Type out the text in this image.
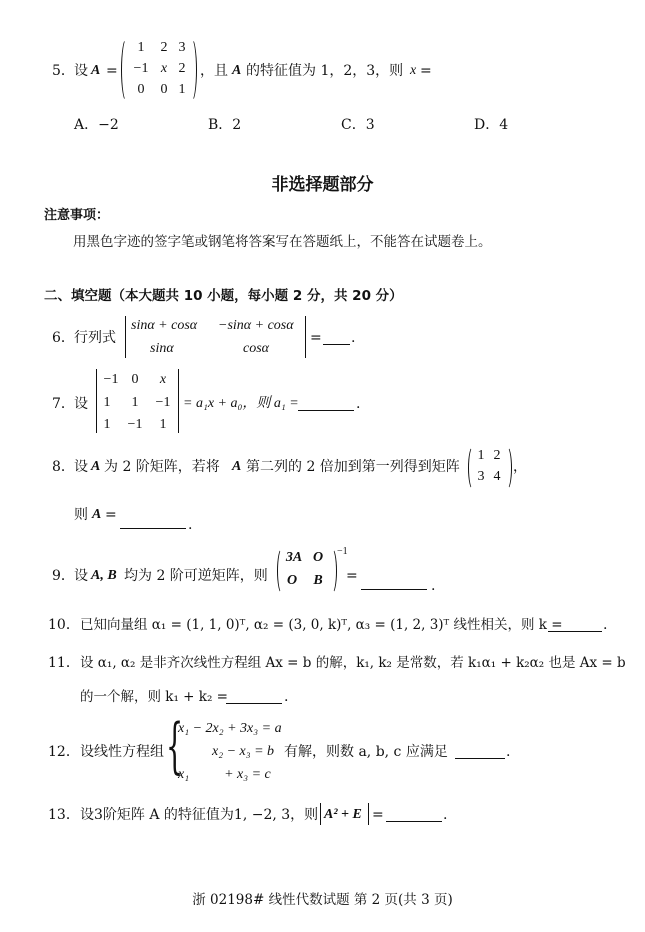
5． 设 A =
1	2 3
−1 x 2
0	0 1
，且 A 的特征值为 1，2，3，则 x =
A．−2	B．2	C．3	D．4
非选择题部分
注意事项：
用黑色字迹的签字笔或钢笔将答案写在答题纸上，不能答在试题卷上。
二、填空题（本大题共 10 小题，每小题 2 分，共 20 分）
6． 行列式
sinα + cosα −sinα + cosα
sinα	cosα
= .
7． 设
−1 0	x
1	1	−1
1	−1	1
= a₁x + a₀，则 a₁ =	.
8． 设 A 为 2 阶矩阵，若将 A 第二列的 2 倍加到第一列得到矩阵
1 2
3 4
，
则 A =
.
9． 设 A, B 均为 2 阶可逆矩阵，则
3A O
O	B
−1
=
.
10． 已知向量组 α₁ = (1, 1, 0)ᵀ, α₂ = (3, 0, k)ᵀ, α₃ = (1, 2, 3)ᵀ 线性相关，则 k =	.
11． 设 α₁, α₂ 是非齐次线性方程组 Ax = b 的解，k₁, k₂ 是常数，若 k₁α₁ + k₂α₂ 也是 Ax = b
的一个解，则 k₁ + k₂ =	.
12． 设线性方程组 {
x₁ − 2x₂ + 3x₃ = a
x₂ − x₃ = b
x₁          + x₃ = c
有解，则数 a, b, c 应满足	.
13． 设3阶矩阵 A 的特征值为1, −2, 3，则 A² + E =	.
浙 02198# 线性代数试题 第 2 页(共 3 页)
